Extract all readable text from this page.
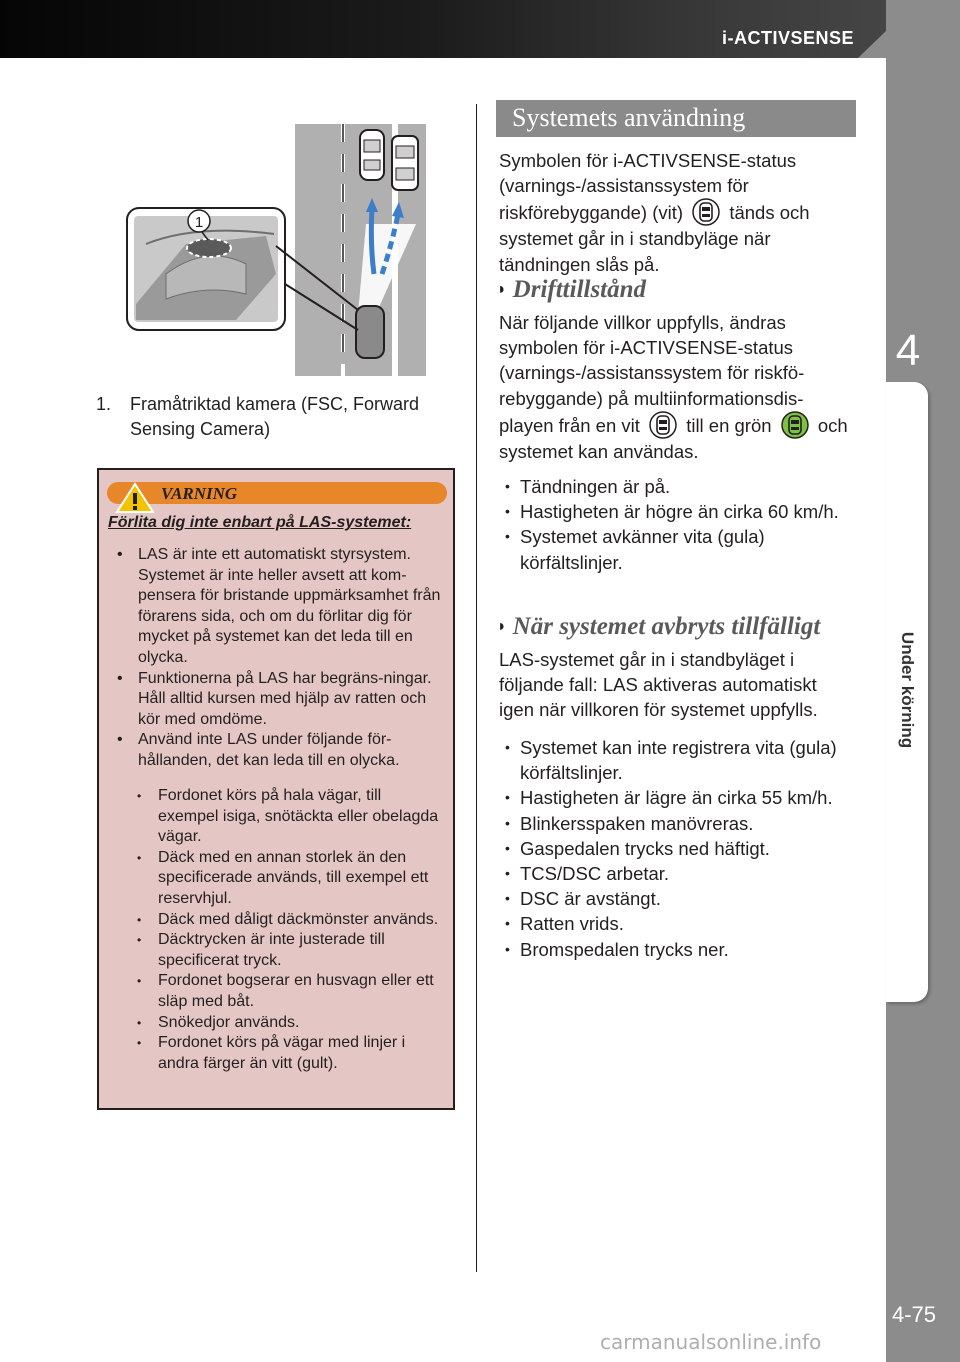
i-ACTIVSENSE
4
Under körning
4-75
1
1.	Framåtriktad kamera (FSC, Forward Sensing Camera)
VARNING
Förlita dig inte enbart på LAS-systemet:
• LAS är inte ett automatiskt styrsystem. Systemet är inte heller avsett att kom-pensera för bristande uppmärksamhet från förarens sida, och om du förlitar dig för mycket på systemet kan det leda till en olycka.
• Funktionerna på LAS har begräns-ningar. Håll alltid kursen med hjälp av ratten och kör med omdöme.
• Använd inte LAS under följande för-hållanden, det kan leda till en olycka.
• Fordonet körs på hala vägar, till exempel isiga, snötäckta eller obelagda vägar.
• Däck med en annan storlek än den specificerade används, till exempel ett reservhjul.
• Däck med dåligt däckmönster används.
• Däcktrycken är inte justerade till specificerat tryck.
• Fordonet bogserar en husvagn eller ett släp med båt.
• Snökedjor används.
• Fordonet körs på vägar med linjer i andra färger än vitt (gult).
Systemets användning
Symbolen för i-ACTIVSENSE-status (varnings-/assistanssystem för riskförebyggande) (vit)	tänds och systemet går in i standbyläge när tändningen slås på.
◗ Drifttillstånd
När följande villkor uppfylls, ändras symbolen för i-ACTIVSENSE-status (varnings-/assistanssystem för riskfö-rebyggande) på multiinformationsdis-playen från en vit	till en grön	och systemet kan användas.
• Tändningen är på.
• Hastigheten är högre än cirka 60 km/h.
• Systemet avkänner vita (gula) körfältslinjer.
◗ När systemet avbryts tillfälligt
LAS-systemet går in i standbyläget i följande fall: LAS aktiveras automatiskt igen när villkoren för systemet uppfylls.
• Systemet kan inte registrera vita (gula) körfältslinjer.
• Hastigheten är lägre än cirka 55 km/h.
• Blinkersspaken manövreras.
• Gaspedalen trycks ned häftigt.
• TCS/DSC arbetar.
• DSC är avstängt.
• Ratten vrids.
• Bromspedalen trycks ner.
carmanualsonline.info
